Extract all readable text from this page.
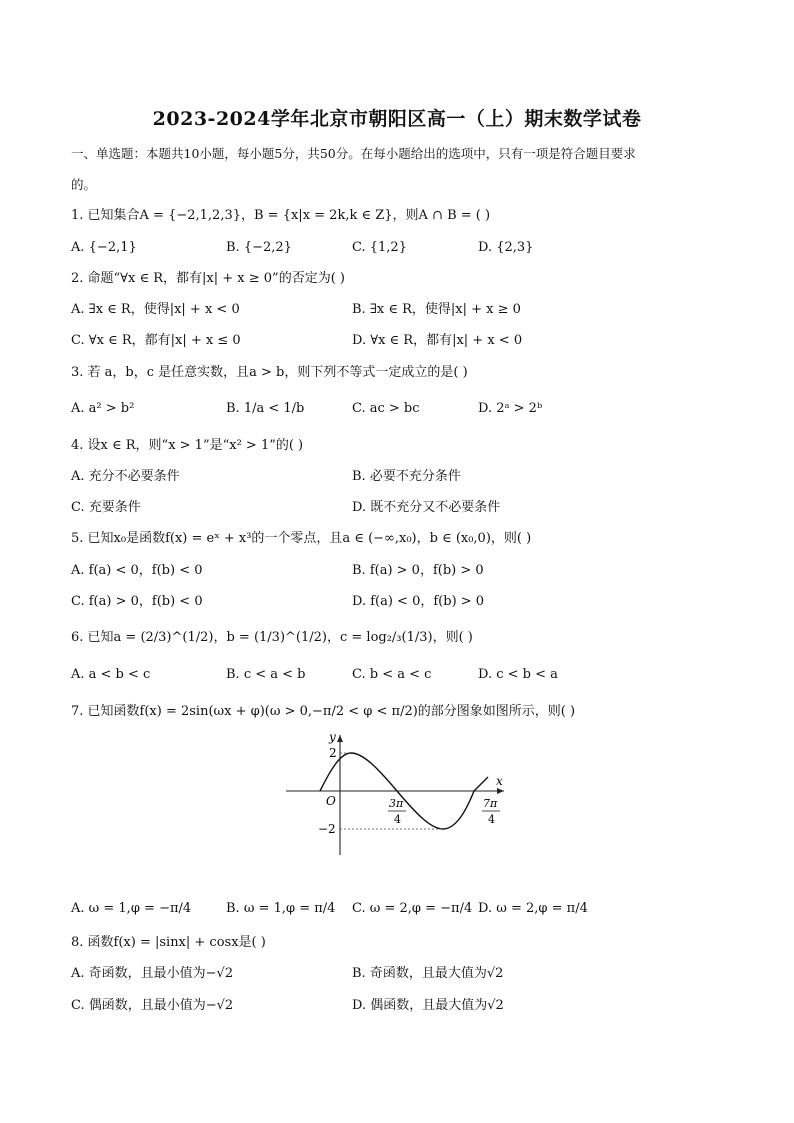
2023-2024学年北京市朝阳区高一（上）期末数学试卷
一、单选题：本题共10小题，每小题5分，共50分。在每小题给出的选项中，只有一项是符合题目要求
的。
1. 已知集合A = {−2,1,2,3}，B = {x|x = 2k,k ∈ Z}，则A ∩ B = ( )
A. {−2,1}	B. {−2,2}	C. {1,2}	D. {2,3}
2. 命题“∀x ∈ R，都有|x| + x ≥ 0”的否定为( )
A. ∃x ∈ R，使得|x| + x < 0	B. ∃x ∈ R，使得|x| + x ≥ 0
C. ∀x ∈ R，都有|x| + x ≤ 0	D. ∀x ∈ R，都有|x| + x < 0
3. 若 a，b，c 是任意实数，且a > b，则下列不等式一定成立的是( )
A. a² > b²	B. 1/a < 1/b	C. ac > bc	D. 2ᵃ > 2ᵇ
4. 设x ∈ R，则“x > 1”是“x² > 1”的( )
A. 充分不必要条件	B. 必要不充分条件
C. 充要条件	D. 既不充分又不必要条件
5. 已知x₀是函数f(x) = eˣ + x³的一个零点，且a ∈ (−∞,x₀)，b ∈ (x₀,0)，则( )
A. f(a) < 0，f(b) < 0	B. f(a) > 0，f(b) > 0
C. f(a) > 0，f(b) < 0	D. f(a) < 0，f(b) > 0
6. 已知a = (2/3)^(1/2)，b = (1/3)^(1/2)，c = log₂/₃(1/3)，则( )
A. a < b < c	B. c < a < b	C. b < a < c	D. c < b < a
7. 已知函数f(x) = 2sin(ωx + φ)(ω > 0,−π/2 < φ < π/2)的部分图象如图所示，则( )
y
x
O
2
−2
3π
4
7π
4
A. ω = 1,φ = −π/4	B. ω = 1,φ = π/4 C. ω = 2,φ = −π/4 D. ω = 2,φ = π/4
8. 函数f(x) = |sinx| + cosx是( )
A. 奇函数，且最小值为−√2	B. 奇函数，且最大值为√2
C. 偶函数，且最小值为−√2	D. 偶函数，且最大值为√2
